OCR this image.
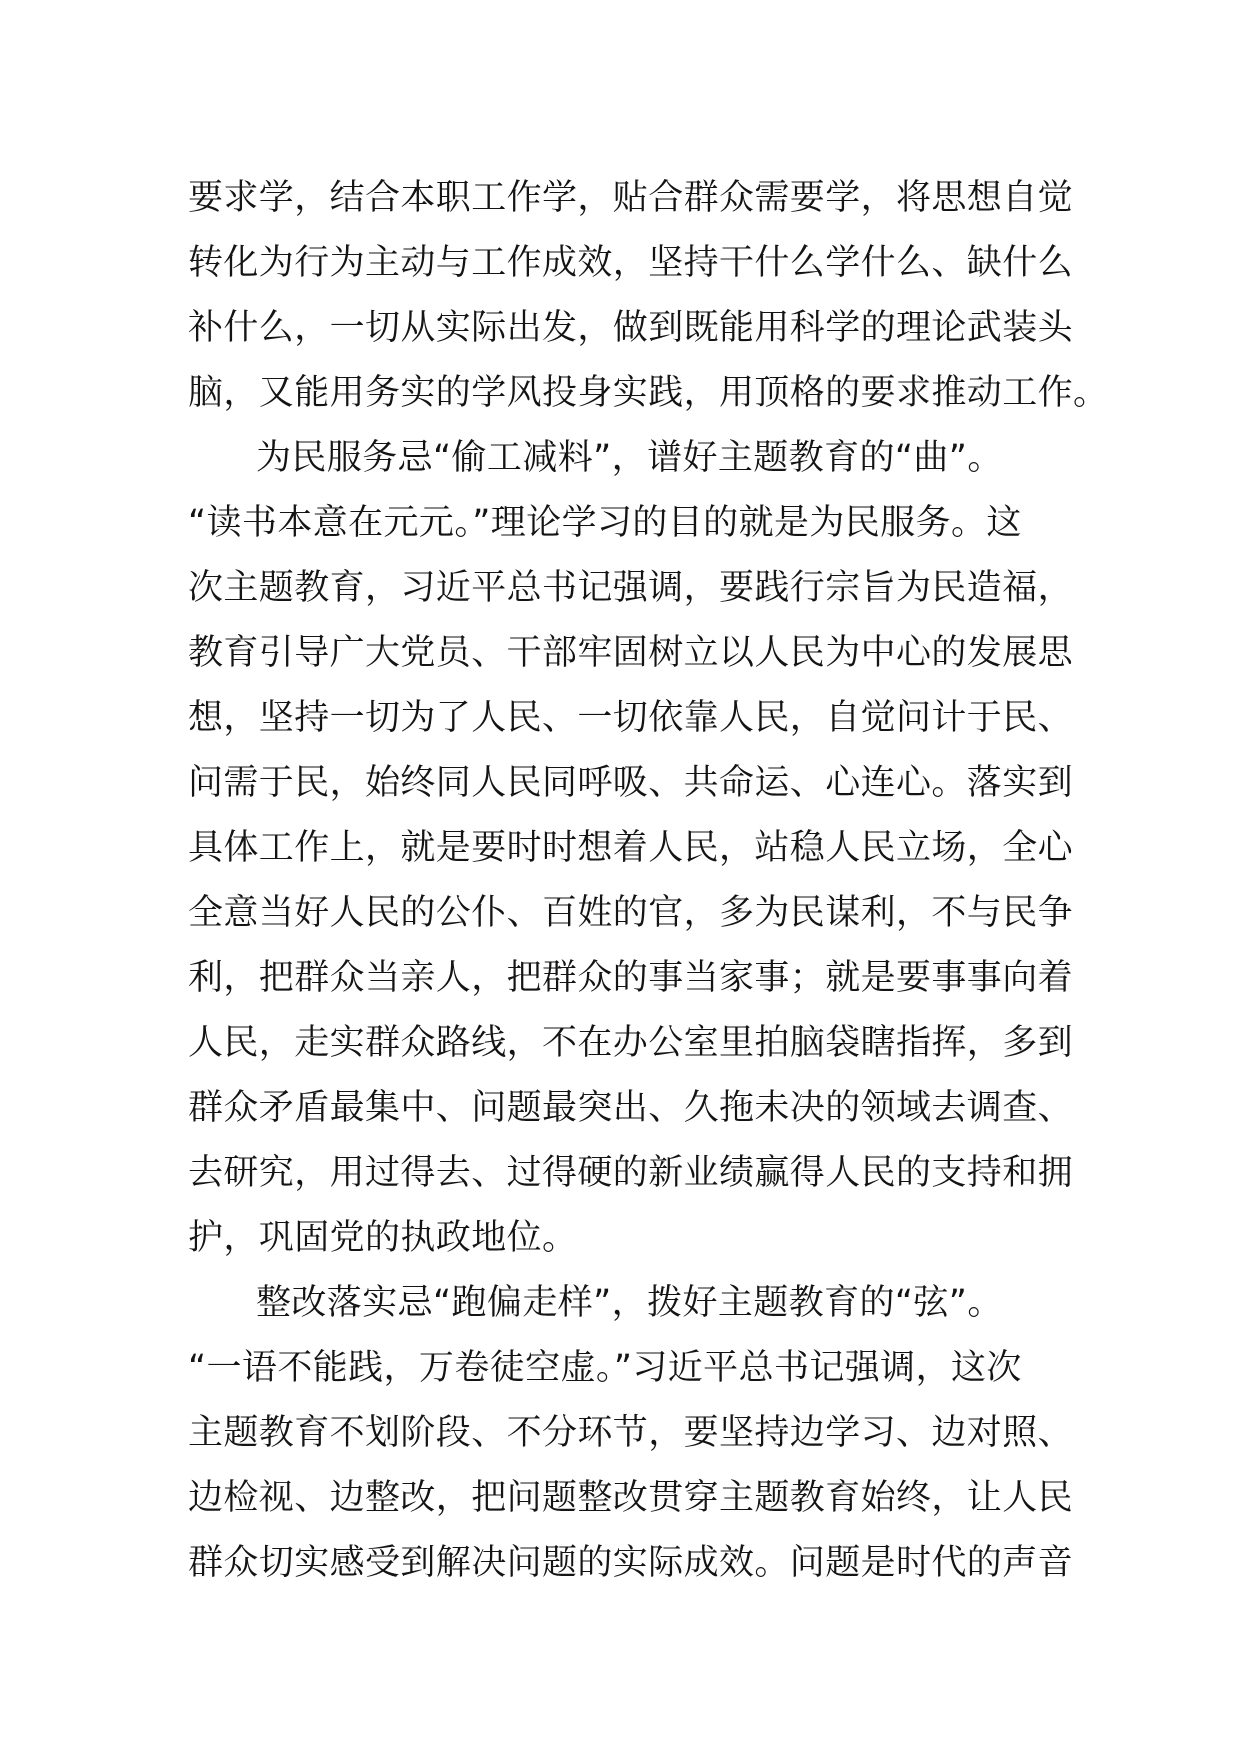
要求学，结合本职工作学，贴合群众需要学，将思想自觉
转化为行为主动与工作成效，坚持干什么学什么、缺什么
补什么，一切从实际出发，做到既能用科学的理论武装头
脑，又能用务实的学风投身实践，用顶格的要求推动工作。
为民服务忌“偷工减料”，谱好主题教育的“曲”。
“读书本意在元元。”理论学习的目的就是为民服务。这
次主题教育，习近平总书记强调，要践行宗旨为民造福，
教育引导广大党员、干部牢固树立以人民为中心的发展思
想，坚持一切为了人民、一切依靠人民，自觉问计于民、
问需于民，始终同人民同呼吸、共命运、心连心。落实到
具体工作上，就是要时时想着人民，站稳人民立场，全心
全意当好人民的公仆、百姓的官，多为民谋利，不与民争
利，把群众当亲人，把群众的事当家事；就是要事事向着
人民，走实群众路线，不在办公室里拍脑袋瞎指挥，多到
群众矛盾最集中、问题最突出、久拖未决的领域去调查、
去研究，用过得去、过得硬的新业绩赢得人民的支持和拥
护，巩固党的执政地位。
整改落实忌“跑偏走样”，拨好主题教育的“弦”。
“一语不能践，万卷徒空虚。”习近平总书记强调，这次
主题教育不划阶段、不分环节，要坚持边学习、边对照、
边检视、边整改，把问题整改贯穿主题教育始终，让人民
群众切实感受到解决问题的实际成效。问题是时代的声音
